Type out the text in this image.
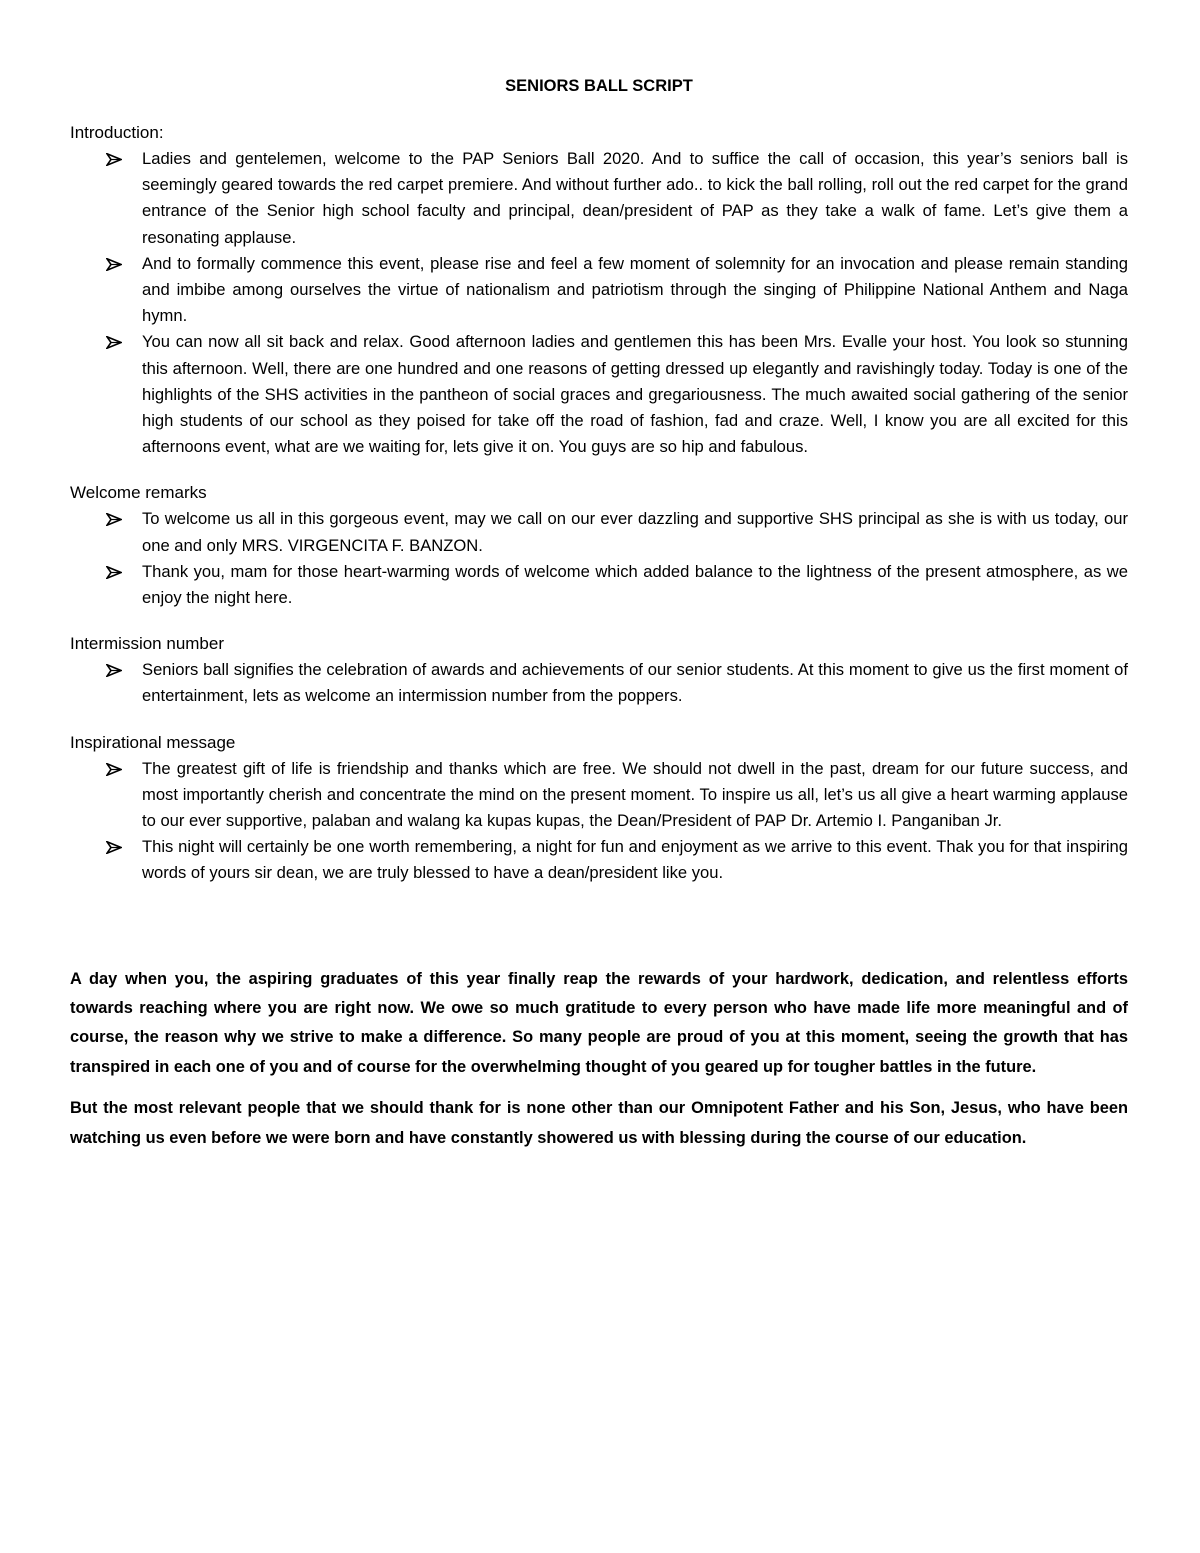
SENIORS BALL SCRIPT
Introduction:
Ladies and gentelemen, welcome to the PAP Seniors Ball 2020. And to suffice the call of occasion, this year’s seniors ball is seemingly geared towards the red carpet premiere. And without further ado.. to kick the ball rolling, roll out the red carpet for the grand entrance of the Senior high school faculty and principal, dean/president of PAP as they take a walk of fame. Let’s give them a resonating applause.
And to formally commence this event, please rise and feel a few moment of solemnity for an invocation and please remain standing and imbibe among ourselves the virtue of nationalism and patriotism through the singing of Philippine National Anthem and Naga hymn.
You can now all sit back and relax. Good afternoon ladies and gentlemen this has been Mrs. Evalle your host. You look so stunning this afternoon. Well, there are one hundred and one reasons of getting dressed up elegantly and ravishingly today. Today is one of the highlights of the SHS activities in the pantheon of social graces and gregariousness. The much awaited social gathering of the senior high students of our school as they poised for take off the road of fashion, fad and craze. Well, I know you are all excited for this afternoons event, what are we waiting for, lets give it on. You guys are so hip and fabulous.
Welcome remarks
To welcome us all in this gorgeous event, may we call on our ever dazzling and supportive SHS principal as she is with us today, our one and only MRS. VIRGENCITA F. BANZON.
Thank you, mam for those heart-warming words of welcome which added balance to the lightness of the present atmosphere, as we enjoy the night here.
Intermission number
Seniors ball signifies the celebration of awards and achievements of our senior students. At this moment to give us the first moment of entertainment, lets as welcome an intermission number from the poppers.
Inspirational message
The greatest gift of life is friendship and thanks which are free. We should not dwell in the past, dream for our future success, and most importantly cherish and concentrate the mind on the present moment. To inspire us all, let’s us all give a heart warming applause to our ever supportive, palaban and walang ka kupas kupas, the Dean/President of PAP Dr. Artemio I. Panganiban Jr.
This night will certainly be one worth remembering, a night for fun and enjoyment as we arrive to this event. Thak you for that inspiring words of yours sir dean, we are truly blessed to have a dean/president like you.

A day when you, the aspiring graduates of this year finally reap the rewards of your hardwork, dedication, and relentless efforts towards reaching where you are right now. We owe so much gratitude to every person who have made life more meaningful and of course, the reason why we strive to make a difference. So many people are proud of you at this moment, seeing the growth that has transpired in each one of you and of course for the overwhelming thought of you geared up for tougher battles in the future.

But the most relevant people that we should thank for is none other than our Omnipotent Father and his Son, Jesus, who have been watching us even before we were born and have constantly showered us with blessing during the course of our education.
